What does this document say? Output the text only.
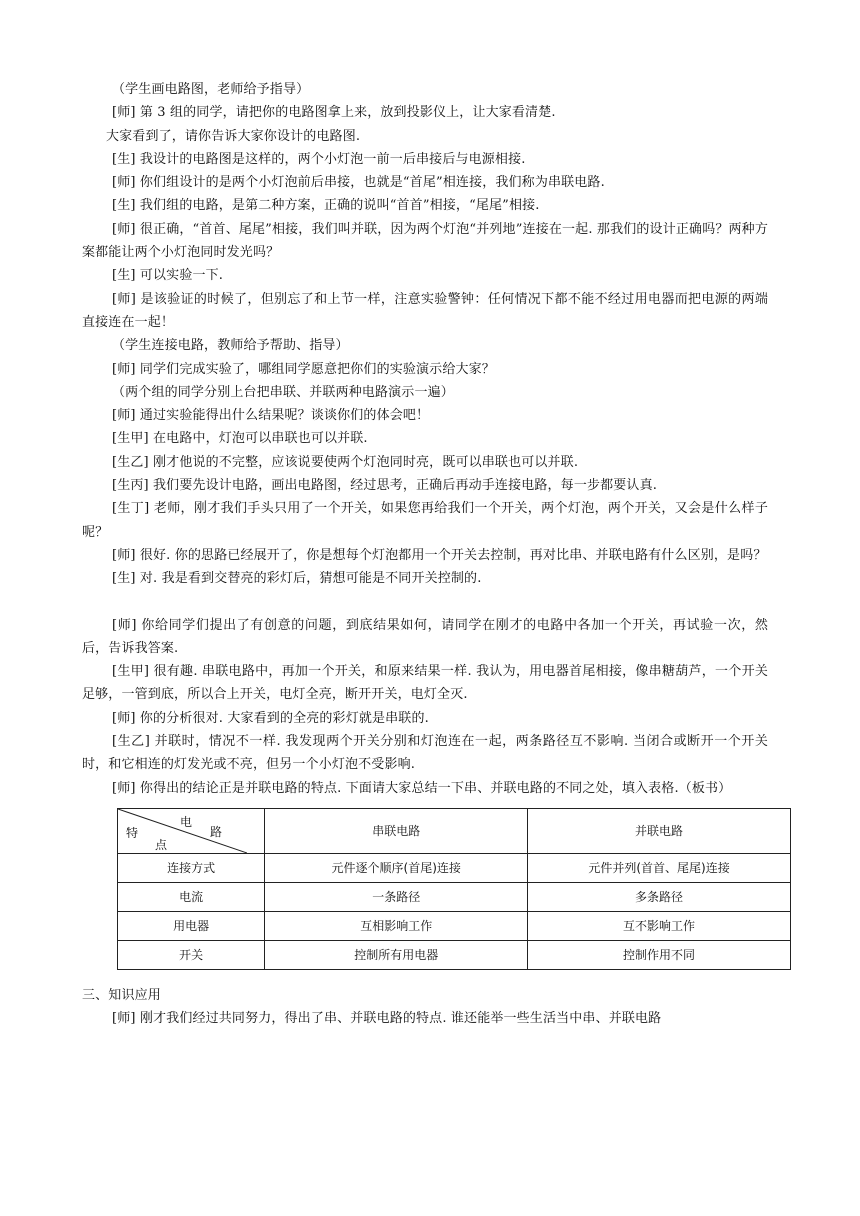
（学生画电路图，老师给予指导）

[师] 第 3 组的同学，请把你的电路图拿上来，放到投影仪上，让大家看清楚.

大家看到了，请你告诉大家你设计的电路图.

[生] 我设计的电路图是这样的，两个小灯泡一前一后串接后与电源相接.

[师] 你们组设计的是两个小灯泡前后串接，也就是“首尾”相连接，我们称为串联电路.

[生] 我们组的电路，是第二种方案，正确的说叫“首首”相接，“尾尾”相接.

[师] 很正确，“首首、尾尾”相接，我们叫并联，因为两个灯泡“并列地”连接在一起. 那我们的设计正确吗？两种方案都能让两个小灯泡同时发光吗？

[生] 可以实验一下.

[师] 是该验证的时候了，但别忘了和上节一样，注意实验警钟：任何情况下都不能不经过用电器而把电源的两端直接连在一起！

（学生连接电路，教师给予帮助、指导）

[师] 同学们完成实验了，哪组同学愿意把你们的实验演示给大家？

（两个组的同学分别上台把串联、并联两种电路演示一遍）

[师] 通过实验能得出什么结果呢？谈谈你们的体会吧！

[生甲] 在电路中，灯泡可以串联也可以并联.

[生乙] 刚才他说的不完整，应该说要使两个灯泡同时亮，既可以串联也可以并联.

[生丙] 我们要先设计电路，画出电路图，经过思考，正确后再动手连接电路，每一步都要认真.

[生丁] 老师，刚才我们手头只用了一个开关，如果您再给我们一个开关，两个灯泡，两个开关，又会是什么样子呢？

[师] 很好. 你的思路已经展开了，你是想每个灯泡都用一个开关去控制，再对比串、并联电路有什么区别，是吗？

[生] 对. 我是看到交替亮的彩灯后，猜想可能是不同开关控制的.

[师] 你给同学们提出了有创意的问题，到底结果如何，请同学在刚才的电路中各加一个开关，再试验一次，然后，告诉我答案.

[生甲] 很有趣. 串联电路中，再加一个开关，和原来结果一样. 我认为，用电器首尾相接，像串糖葫芦，一个开关足够，一管到底，所以合上开关，电灯全亮，断开开关，电灯全灭.

[师] 你的分析很对. 大家看到的全亮的彩灯就是串联的.

[生乙] 并联时，情况不一样. 我发现两个开关分别和灯泡连在一起，两条路径互不影响. 当闭合或断开一个开关时，和它相连的灯发光或不亮，但另一个小灯泡不受影响.

[师] 你得出的结论正是并联电路的特点. 下面请大家总结一下串、并联电路的不同之处，填入表格.（板书）

电
路
特
点	串联电路	并联电路
连接方式	元件逐个顺序(首尾)连接	元件并列(首首、尾尾)连接
电流	一条路径	多条路径
用电器	互相影响工作	互不影响工作
开关	控制所有用电器	控制作用不同

三、知识应用

[师] 刚才我们经过共同努力，得出了串、并联电路的特点. 谁还能举一些生活当中串、并联电路
